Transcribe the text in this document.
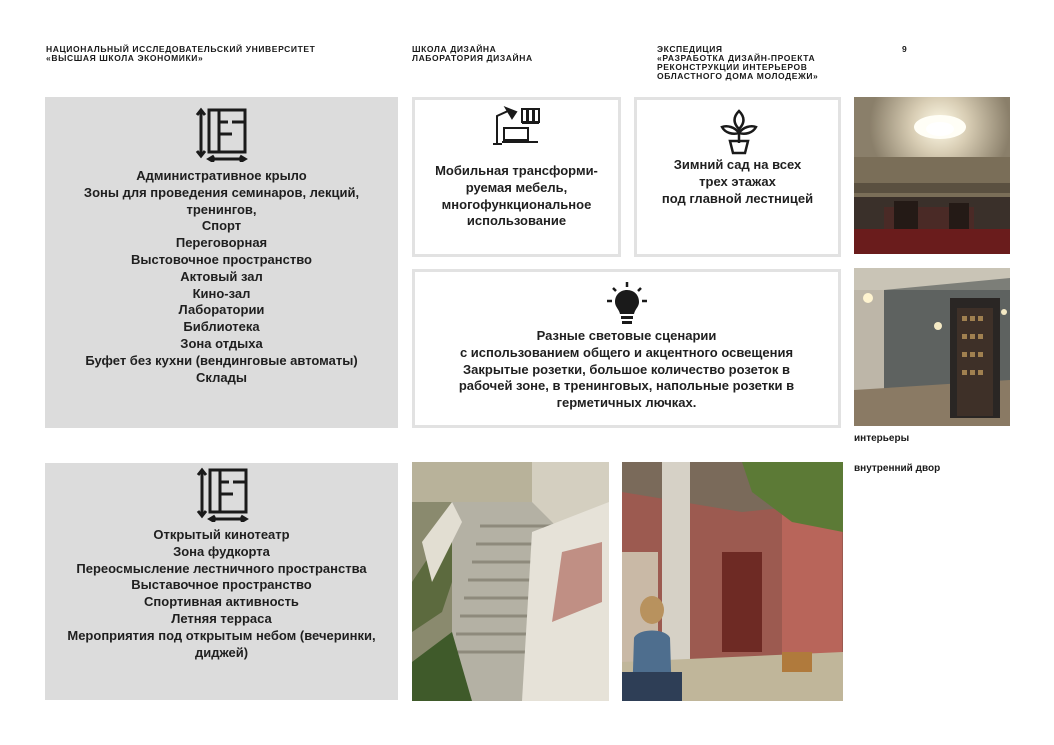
НАЦИОНАЛЬНЫЙ ИССЛЕДОВАТЕЛЬСКИЙ УНИВЕРСИТЕТ
«ВЫСШАЯ ШКОЛА ЭКОНОМИКИ»
ШКОЛА ДИЗАЙНА
ЛАБОРАТОРИЯ ДИЗАЙНА
ЭКСПЕДИЦИЯ
«РАЗРАБОТКА ДИЗАЙН-ПРОЕКТА
РЕКОНСТРУКЦИИ ИНТЕРЬЕРОВ
ОБЛАСТНОГО ДОМА МОЛОДЕЖИ»
9
Административное крыло
Зоны для проведения семинаров, лекций,
тренингов,
Спорт
Переговорная
Выстовочное пространство
Актовый зал
Кино-зал
Лаборатории
Библиотека
Зона отдыха
Буфет без кухни (вендинговые автоматы)
Склады
Мобильная трансформи-
руемая мебель,
многофункциональное
использование
Зимний сад на всех
трех этажах
под главной лестницей
Разные световые сценарии
с использованием общего и акцентного освещения
Закрытые розетки, большое количество розеток в
рабочей зоне, в тренинговых, напольные розетки в
герметичных лючках.
интерьеры
внутренний двор
Открытый кинотеатр
Зона фудкорта
Переосмысление лестничного пространства
Выставочное пространство
Спортивная активность
Летняя терраса
Мероприятия под открытым небом (вечеринки,
диджей)
